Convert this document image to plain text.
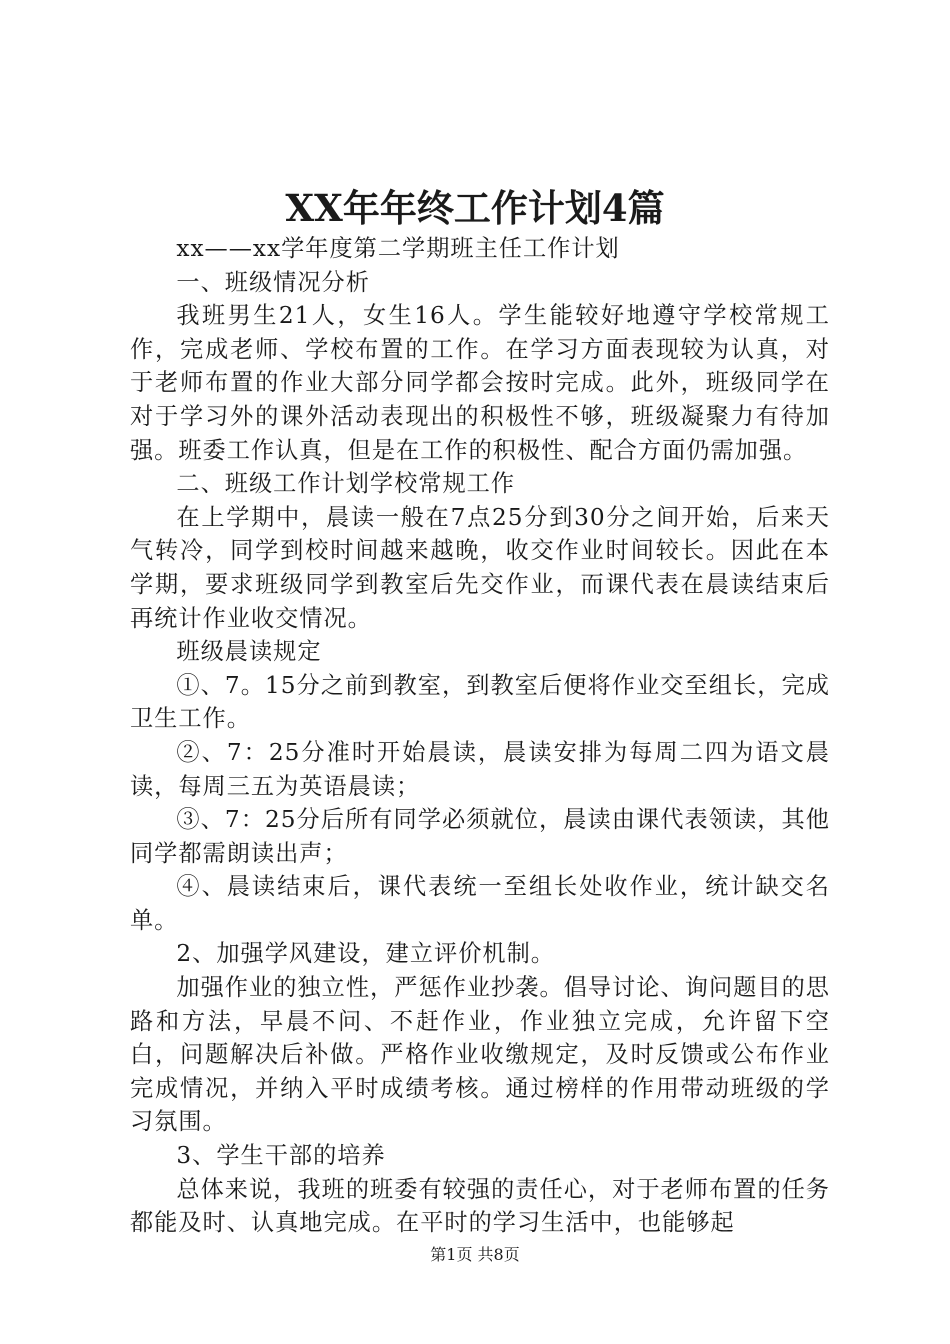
XX年年终工作计划4篇

xx——xx学年度第二学期班主任工作计划

一、班级情况分析

我班男生21人，女生16人。学生能较好地遵守学校常规工作，完成老师、学校布置的工作。在学习方面表现较为认真，对于老师布置的作业大部分同学都会按时完成。此外，班级同学在对于学习外的课外活动表现出的积极性不够，班级凝聚力有待加强。班委工作认真，但是在工作的积极性、配合方面仍需加强。

二、班级工作计划学校常规工作

在上学期中，晨读一般在7点25分到30分之间开始，后来天气转冷，同学到校时间越来越晚，收交作业时间较长。因此在本学期，要求班级同学到教室后先交作业，而课代表在晨读结束后再统计作业收交情况。

班级晨读规定

①、7。15分之前到教室，到教室后便将作业交至组长，完成卫生工作。

②、7：25分准时开始晨读，晨读安排为每周二四为语文晨读，每周三五为英语晨读；

③、7：25分后所有同学必须就位，晨读由课代表领读，其他同学都需朗读出声；

④、晨读结束后，课代表统一至组长处收作业，统计缺交名单。

2、加强学风建设，建立评价机制。

加强作业的独立性，严惩作业抄袭。倡导讨论、询问题目的思路和方法，早晨不问、不赶作业，作业独立完成，允许留下空白，问题解决后补做。严格作业收缴规定，及时反馈或公布作业完成情况，并纳入平时成绩考核。通过榜样的作用带动班级的学习氛围。

3、学生干部的培养

总体来说，我班的班委有较强的责任心，对于老师布置的任务都能及时、认真地完成。在平时的学习生活中，也能够起

第1页 共8页
